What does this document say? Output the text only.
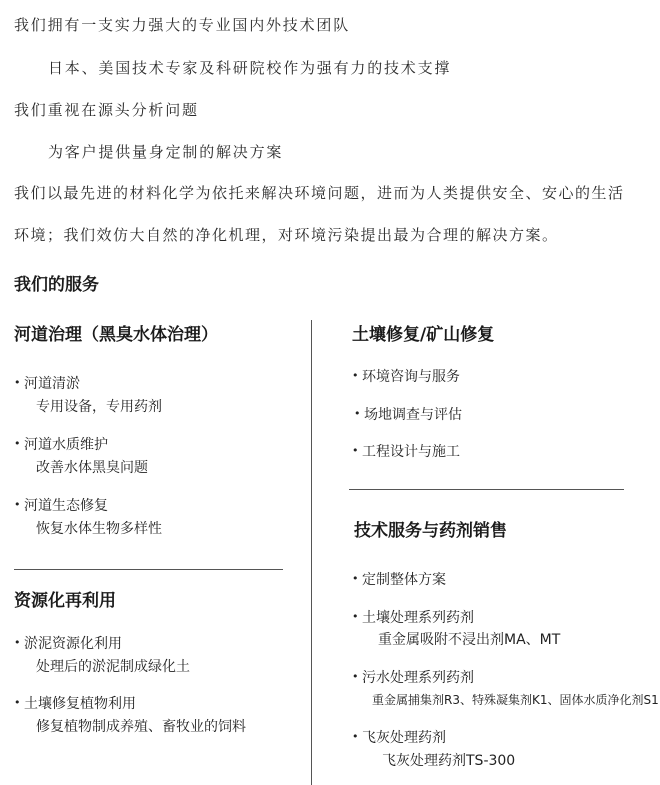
我们拥有一支实力强大的专业国内外技术团队
日本、美国技术专家及科研院校作为强有力的技术支撑
我们重视在源头分析问题
为客户提供量身定制的解决方案
我们以最先进的材料化学为依托来解决环境问题，进而为人类提供安全、安心的生活
环境；我们效仿大自然的净化机理，对环境污染提出最为合理的解决方案。
我们的服务
河道治理（黑臭水体治理）
• 河道清淤
专用设备，专用药剂
• 河道水质维护
改善水体黑臭问题
• 河道生态修复
恢复水体生物多样性
资源化再利用
• 淤泥资源化利用
处理后的淤泥制成绿化土
• 土壤修复植物利用
修复植物制成养殖、畜牧业的饲料
土壤修复/矿山修复
• 环境咨询与服务
• 场地调查与评估
• 工程设计与施工
技术服务与药剂销售
• 定制整体方案
• 土壤处理系列药剂
重金属吸附不浸出剂MA、MT
• 污水处理系列药剂
重金属捕集剂R3、特殊凝集剂K1、固体水质净化剂S1
• 飞灰处理药剂
飞灰处理药剂TS-300
